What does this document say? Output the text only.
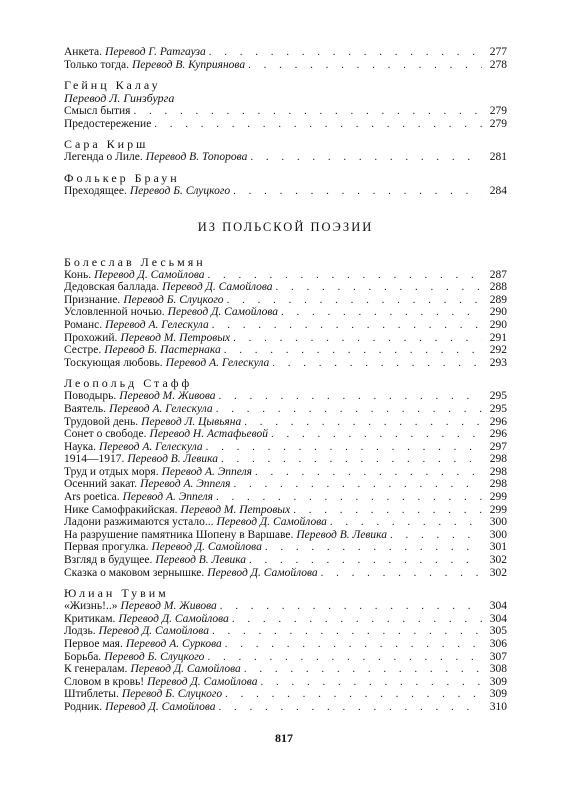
Анкета. Перевод Г. Ратгауза . . .	277
Только тогда. Перевод В. Куприянова . . .	278
Гейнц Калау
Перевод Л. Гинзбурга
Смысл бытия . . .	279
Предостережение . . .	279
Сара Кирш
Легенда о Лиле. Перевод В. Топорова . . .	281
Фолькер Браун
Преходящее. Перевод Б. Слуцкого . . .	284
ИЗ ПОЛЬСКОЙ ПОЭЗИИ
Болеслав Лесьмян
Конь. Перевод Д. Самойлова . . .	287
Дедовская баллада. Перевод Д. Самойлова . . .	288
Признание. Перевод Б. Слуцкого . . .	289
Условленной ночью. Перевод Д. Самойлова . . .	290
Романс. Перевод А. Гелескула . . .	290
Прохожий. Перевод М. Петровых . . .	291
Сестре. Перевод Б. Пастернака . . .	292
Тоскующая любовь. Перевод А. Гелескула . . .	293
Леопольд Стафф
Поводырь. Перевод М. Живова . . .	295
Ваятель. Перевод А. Гелескула . . .	295
Трудовой день. Перевод Л. Цывьяна . . .	296
Сонет о свободе. Перевод Н. Астафьевой . . .	296
Наука. Перевод А. Гелескула . . .	297
1914—1917. Перевод В. Левика . . .	298
Труд и отдых моря. Перевод А. Эппеля . . .	298
Осенний закат. Перевод А. Эппеля . . .	298
Ars poetica. Перевод А. Эппеля . . .	299
Нике Самофракийская. Перевод М. Петровых . . .	299
Ладони разжимаются устало... Перевод Д. Самойлова . . .	300
На разрушение памятника Шопену в Варшаве. Перевод В. Левика . . .	300
Первая прогулка. Перевод Д. Самойлова . . .	301
Взгляд в будущее. Перевод В. Левика . . .	302
Сказка о маковом зернышке. Перевод Д. Самойлова . . .	302
Юлиан Тувим
«Жизнь!..» Перевод М. Живова . . .	304
Критикам. Перевод Д. Самойлова . . .	304
Лодзь. Перевод Д. Самойлова . . .	305
Первое мая. Перевод А. Суркова . . .	306
Борьба. Перевод Б. Слуцкого . . .	307
К генералам. Перевод Д. Самойлова . . .	308
Словом в кровь! Перевод Д. Самойлова . . .	309
Штиблеты. Перевод Б. Слуцкого . . .	309
Родник. Перевод Д. Самойлова . . .	310
817
